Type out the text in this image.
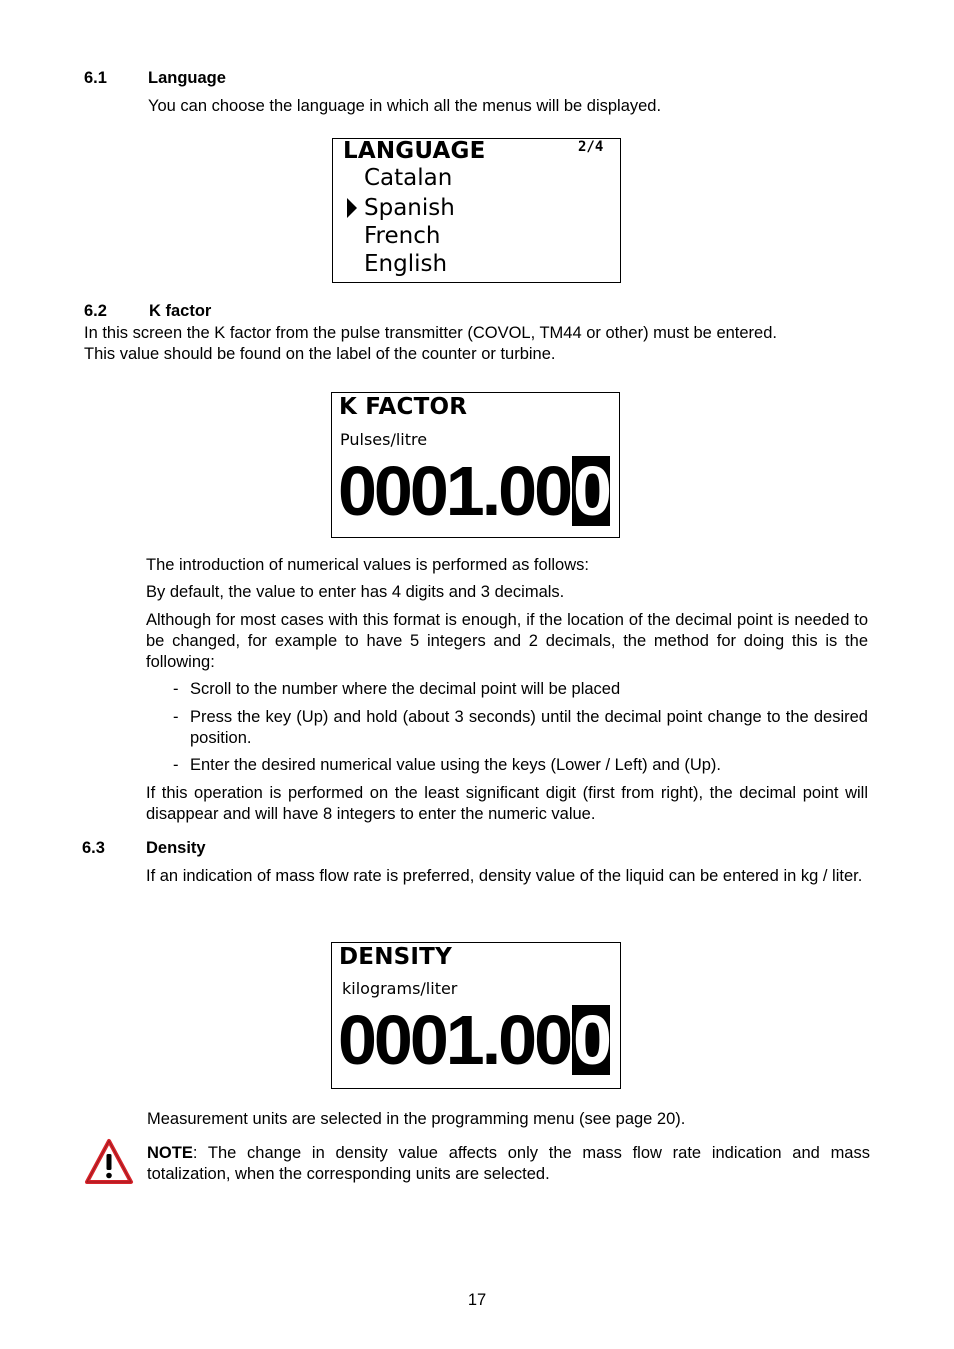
6.1 Language
You can choose the language in which all the menus will be displayed.
LANGUAGE	2/4
Catalan
Spanish
French
English
6.2	K factor
In this screen the K factor from the pulse transmitter (COVOL, TM44 or other) must be entered.
This value should be found on the label of the counter or turbine.
K FACTOR
Pulses/litre
0001.000
The introduction of numerical values is performed as follows:
By default, the value to enter has 4 digits and 3 decimals.
Although for most cases with this format is enough, if the location of the decimal point is needed to be changed, for example to have 5 integers and 2 decimals, the method for doing this is the following:
- Scroll to the number where the decimal point will be placed
- Press the key (Up) and hold (about 3 seconds) until the decimal point change to the desired position.
- Enter the desired numerical value using the keys (Lower / Left) and (Up).
If this operation is performed on the least significant digit (first from right), the decimal point will disappear and will have 8 integers to enter the numeric value.
6.3 Density
If an indication of mass flow rate is preferred, density value of the liquid can be entered in kg / liter.
DENSITY
kilograms/liter
0001.000
Measurement units are selected in the programming menu (see page 20).
NOTE: The change in density value affects only the mass flow rate indication and mass totalization, when the corresponding units are selected.
17
